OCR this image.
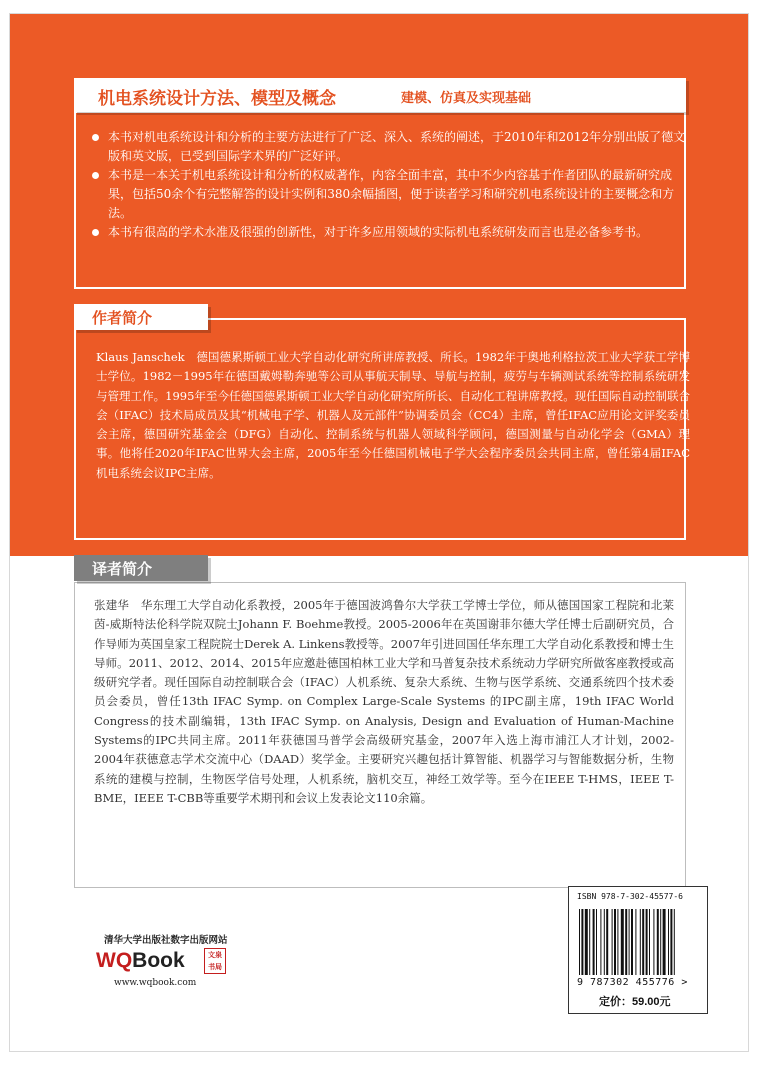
机电系统设计方法、模型及概念	建模、仿真及实现基础
本书对机电系统设计和分析的主要方法进行了广泛、深入、系统的阐述，于2010年和2012年分别出版了德文版和英文版，已受到国际学术界的广泛好评。
本书是一本关于机电系统设计和分析的权威著作，内容全面丰富，其中不少内容基于作者团队的最新研究成果，包括50余个有完整解答的设计实例和380余幅插图，便于读者学习和研究机电系统设计的主要概念和方法。
本书有很高的学术水准及很强的创新性，对于许多应用领域的实际机电系统研发而言也是必备参考书。
作者简介

Klaus Janschek　德国德累斯顿工业大学自动化研究所讲席教授、所长。1982年于奥地利格拉茨工业大学获工学博士学位。1982－1995年在德国戴姆勒奔驰等公司从事航天制导、导航与控制，疲劳与车辆测试系统等控制系统研发与管理工作。1995年至今任德国德累斯顿工业大学自动化研究所所长、自动化工程讲席教授。现任国际自动控制联合会（IFAC）技术局成员及其“机械电子学、机器人及元部件”协调委员会（CC4）主席，曾任IFAC应用论文评奖委员会主席，德国研究基金会（DFG）自动化、控制系统与机器人领域科学顾问，德国测量与自动化学会（GMA）理事。他将任2020年IFAC世界大会主席，2005年至今任德国机械电子学大会程序委员会共同主席，曾任第4届IFAC机电系统会议IPC主席。

译者简介

张建华　华东理工大学自动化系教授，2005年于德国波鸿鲁尔大学获工学博士学位，师从德国国家工程院和北莱茵-威斯特法伦科学院双院士Johann F. Boehme教授。2005-2006年在英国谢菲尔德大学任博士后副研究员，合作导师为英国皇家工程院院士Derek A. Linkens教授等。2007年引进回国任华东理工大学自动化系教授和博士生导师。2011、2012、2014、2015年应邀赴德国柏林工业大学和马普复杂技术系统动力学研究所做客座教授或高级研究学者。现任国际自动控制联合会（IFAC）人机系统、复杂大系统、生物与医学系统、交通系统四个技术委员会委员，曾任13th IFAC Symp. on Complex Large-Scale Systems 的IPC副主席，19th IFAC World Congress的技术副编辑，13th IFAC Symp. on Analysis, Design and Evaluation of Human-Machine Systems的IPC共同主席。2011年获德国马普学会高级研究基金，2007年入选上海市浦江人才计划，2002-2004年获德意志学术交流中心（DAAD）奖学金。主要研究兴趣包括计算智能、机器学习与智能数据分析，生物系统的建模与控制，生物医学信号处理，人机系统，脑机交互，神经工效学等。至今在IEEE T-HMS，IEEE T-BME，IEEE T-CBB等重要学术期刊和会议上发表论文110余篇。

清华大学出版社数字出版网站
WQBook	文泉书局
www.wqbook.com
ISBN 978-7-302-45577-6
9 787302 455776 >
定价：59.00元
